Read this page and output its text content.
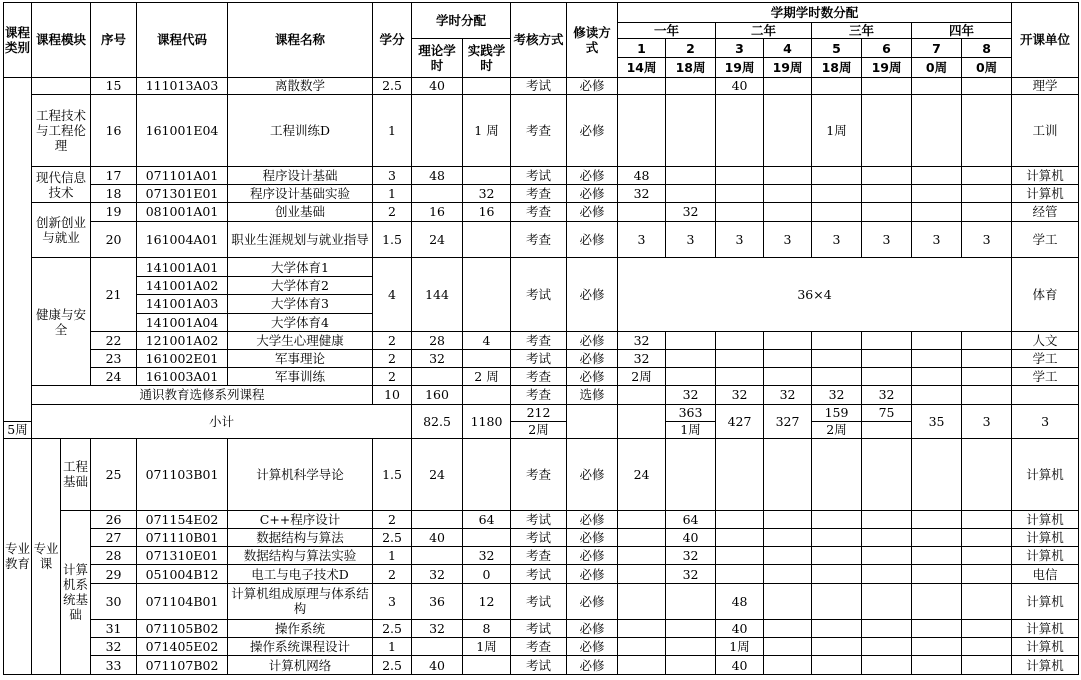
课程类别	课程模块		序号	课程代码	课程名称	学分	学时分配		考核方式	修读方式	学期学时数分配								开课单位	
											一年		二年		三年		四年			
							理论学时	实践学时			1	2	3	4	5	6	7	8		
											14周	18周	19周	19周	18周	19周	0周	0周		
			15	111013A03	离散数学	2.5	40		考试	必修			40						理学	
	工程技术与工程伦理		16	161001E04	工程训练D	1		1 周	考查	必修					1周				工训	
	现代信息技术		17	071101A01	程序设计基础	3	48		考试	必修	48								计算机	
			18	071301E01	程序设计基础实验	1		32	考查	必修	32								计算机	
	创新创业与就业		19	081001A01	创业基础	2	16	16	考查	必修		32							经管	
			20	161004A01	职业生涯规划与就业指导	1.5	24		考查	必修	3	3	3	3	3	3	3	3	学工	
	健康与安全		21	141001A01	大学体育1	4	144		考试	必修	36×4								体育	
				141001A02	大学体育2															
				141001A03	大学体育3															
				141001A04	大学体育4															
			22	121001A02	大学生心理健康	2	28	4	考查	必修	32								人文	
			23	161002E01	军事理论	2	32		考试	必修	32								学工	
			24	161003A01	军事训练	2		2 周	考查	必修	2周								学工	
	通识教育选修系列课程					10	160		考查	选修		32	32	32	32	32				
	小计						82.5	1180	212			363	427	327	159	75	35	3	3	
5周									2周			1周			2周					
专业教育	专业课	工程基础	25	071103B01	计算机科学导论	1.5	24		考查	必修	24								计算机	
		计算机系统基础	26	071154E02	C++程序设计	2		64	考试	必修		64							计算机	
			27	071110B01	数据结构与算法	2.5	40		考试	必修		40							计算机	
			28	071310E01	数据结构与算法实验	1		32	考查	必修		32							计算机	
			29	051004B12	电工与电子技术D	2	32	0	考试	必修		32							电信	
			30	071104B01	计算机组成原理与体系结构	3	36	12	考试	必修			48						计算机	
			31	071105B02	操作系统	2.5	32	8	考试	必修			40						计算机	
			32	071405E02	操作系统课程设计	1		1周	考查	必修			1周						计算机	
			33	071107B02	计算机网络	2.5	40		考试	必修			40						计算机	
